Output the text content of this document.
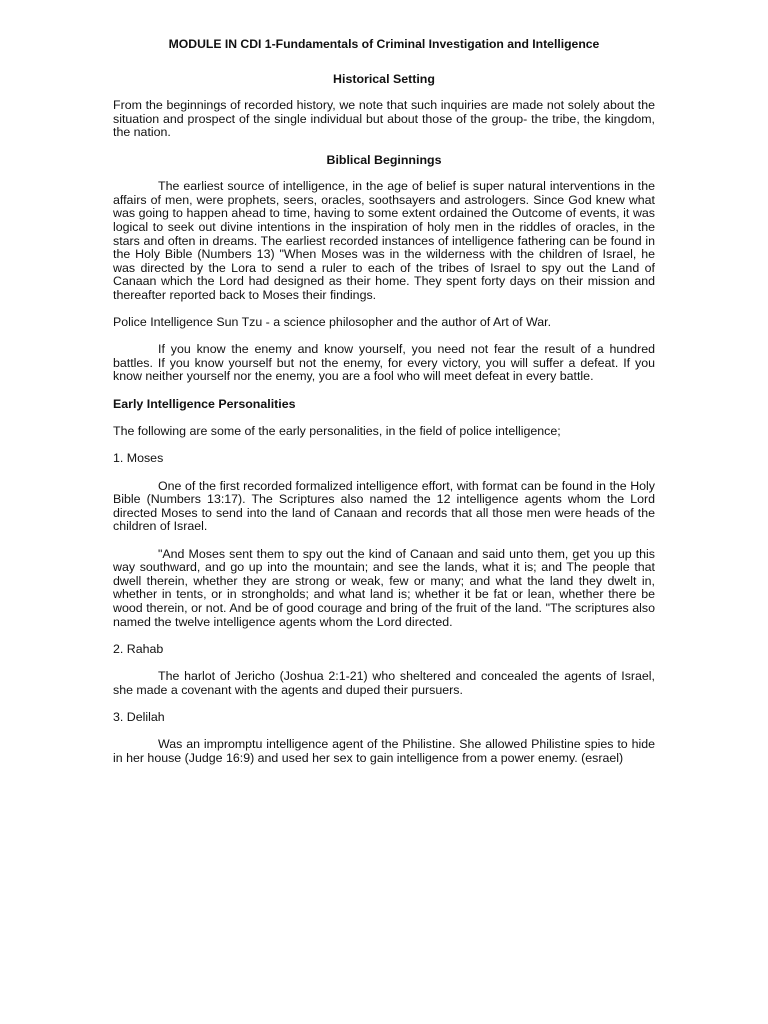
MODULE IN CDI 1-Fundamentals of Criminal Investigation and Intelligence
Historical Setting

From the beginnings of recorded history, we note that such inquiries are made not solely about the situation and prospect of the single individual but about those of the group- the tribe, the kingdom, the nation.

Biblical Beginnings

The earliest source of intelligence, in the age of belief is super natural interventions in the affairs of men, were prophets, seers, oracles, soothsayers and astrologers. Since God knew what was going to happen ahead to time, having to some extent ordained the Outcome of events, it was logical to seek out divine intentions in the inspiration of holy men in the riddles of oracles, in the stars and often in dreams. The earliest recorded instances of intelligence fathering can be found in the Holy Bible (Numbers 13) "When Moses was in the wilderness with the children of Israel, he was directed by the Lora to send a ruler to each of the tribes of Israel to spy out the Land of Canaan which the Lord had designed as their home. They spent forty days on their mission and thereafter reported back to Moses their findings.

Police Intelligence Sun Tzu - a science philosopher and the author of Art of War.

If you know the enemy and know yourself, you need not fear the result of a hundred battles. If you know yourself but not the enemy, for every victory, you will suffer a defeat. If you know neither yourself nor the enemy, you are a fool who will meet defeat in every battle.

Early Intelligence Personalities

The following are some of the early personalities, in the field of police intelligence;

1. Moses

One of the first recorded formalized intelligence effort, with format can be found in the Holy Bible (Numbers 13:17). The Scriptures also named the 12 intelligence agents whom the Lord directed Moses to send into the land of Canaan and records that all those men were heads of the children of Israel.

"And Moses sent them to spy out the kind of Canaan and said unto them, get you up this way southward, and go up into the mountain; and see the lands, what it is; and The people that dwell therein, whether they are strong or weak, few or many; and what the land they dwelt in, whether in tents, or in strongholds; and what land is; whether it be fat or lean, whether there be wood therein, or not. And be of good courage and bring of the fruit of the land. "The scriptures also named the twelve intelligence agents whom the Lord directed.

2. Rahab

The harlot of Jericho (Joshua 2:1-21) who sheltered and concealed the agents of Israel, she made a covenant with the agents and duped their pursuers.

3. Delilah

Was an impromptu intelligence agent of the Philistine. She allowed Philistine spies to hide in her house (Judge 16:9) and used her sex to gain intelligence from a power enemy. (esrael)
